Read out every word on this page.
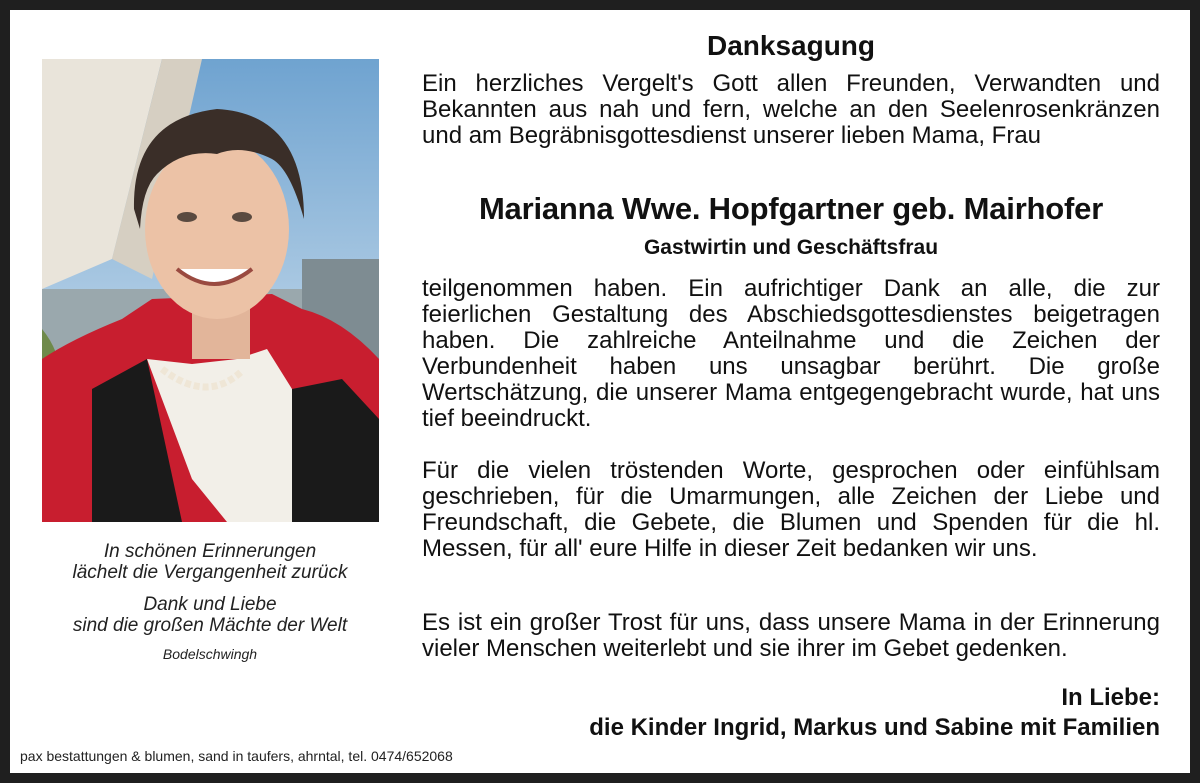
In schönen Erinnerungen
lächelt die Vergangenheit zurück
Dank und Liebe
sind die großen Mächte der Welt
Bodelschwingh
Danksagung
Ein herzliches Vergelt's Gott allen Freunden, Verwandten und Bekannten aus nah und fern, welche an den Seelenrosenkränzen und am Begräbnisgottesdienst unserer lieben Mama, Frau
Marianna Wwe. Hopfgartner geb. Mairhofer
Gastwirtin und Geschäftsfrau
teilgenommen haben. Ein aufrichtiger Dank an alle, die zur feierlichen Gestaltung des Abschiedsgottesdienstes beigetragen haben. Die zahlreiche Anteilnahme und die Zeichen der Verbundenheit haben uns unsagbar berührt. Die große Wertschätzung, die unserer Mama entgegengebracht wurde, hat uns tief beeindruckt.
Für die vielen tröstenden Worte, gesprochen oder einfühlsam geschrieben, für die Umarmungen, alle Zeichen der Liebe und Freundschaft, die Gebete, die Blumen und Spenden für die hl. Messen, für all' eure Hilfe in dieser Zeit bedanken wir uns.
Es ist ein großer Trost für uns, dass unsere Mama in der Erinnerung vieler Menschen weiterlebt und sie ihrer im Gebet gedenken.
In Liebe:
die Kinder Ingrid, Markus und Sabine mit Familien
pax bestattungen & blumen, sand in taufers, ahrntal, tel. 0474/652068
